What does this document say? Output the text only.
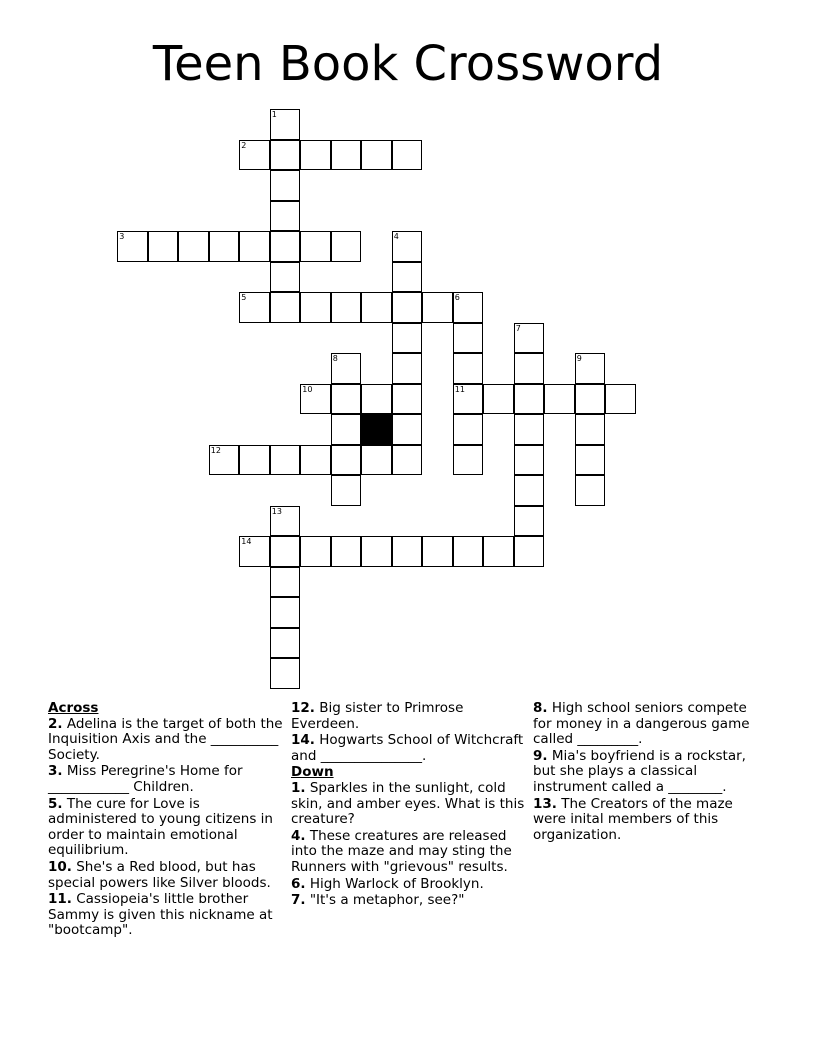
Teen Book Crossword
1
2
3	4
5	6
7
8	9
10	11
12
13
14
Across
2. Adelina is the target of both the Inquisition Axis and the __________ Society.
3. Miss Peregrine's Home for ____________ Children.
5. The cure for Love is administered to young citizens in order to maintain emotional equilibrium.
10. She's a Red blood, but has special powers like Silver bloods.
11. Cassiopeia's little brother Sammy is given this nickname at "bootcamp".
12. Big sister to Primrose Everdeen.
14. Hogwarts School of Witchcraft and _______________.
Down
1. Sparkles in the sunlight, cold skin, and amber eyes. What is this creature?
4. These creatures are released into the maze and may sting the Runners with "grievous" results.
6. High Warlock of Brooklyn.
7. "It's a metaphor, see?"
8. High school seniors compete for money in a dangerous game called _________.
9. Mia's boyfriend is a rockstar, but she plays a classical instrument called a ________.
13. The Creators of the maze were inital members of this organization.
